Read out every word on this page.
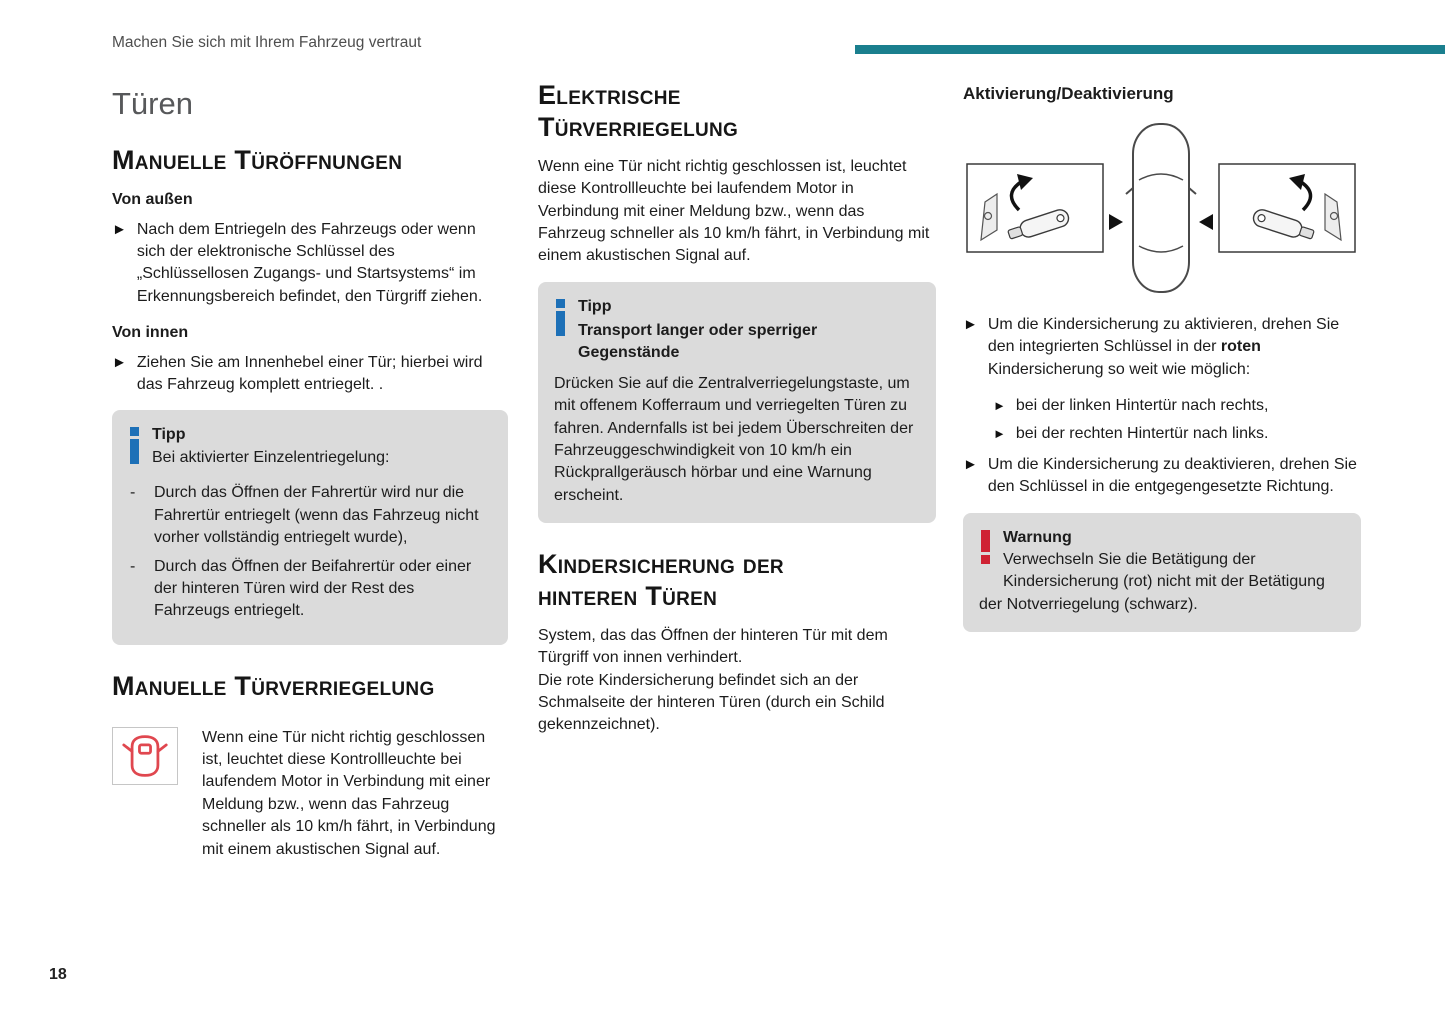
Machen Sie sich mit Ihrem Fahrzeug vertraut
Türen
Manuelle Türöffnungen
Von außen
► Nach dem Entriegeln des Fahrzeugs oder wenn sich der elektronische Schlüssel des „Schlüssellosen Zugangs- und Startsystems“ im Erkennungsbereich befindet, den Türgriff ziehen.

Von innen
► Ziehen Sie am Innenhebel einer Tür; hierbei wird das Fahrzeug komplett entriegelt. .

Tipp
Bei aktivierter Einzelentriegelung:
-	Durch das Öffnen der Fahrertür wird nur die Fahrertür entriegelt (wenn das Fahrzeug nicht vorher vollständig entriegelt wurde),
-	Durch das Öffnen der Beifahrertür oder einer der hinteren Türen wird der Rest des Fahrzeugs entriegelt.
Manuelle Türverriegelung

Wenn eine Tür nicht richtig geschlossen ist, leuchtet diese Kontrollleuchte bei laufendem Motor in Verbindung mit einer Meldung bzw., wenn das Fahrzeug schneller als 10 km/h fährt, in Verbindung mit einem akustischen Signal auf.

Elektrische Türverriegelung

Wenn eine Tür nicht richtig geschlossen ist, leuchtet diese Kontrollleuchte bei laufendem Motor in Verbindung mit einer Meldung bzw., wenn das Fahrzeug schneller als 10 km/h fährt, in Verbindung mit einem akustischen Signal auf.

Tipp
Transport langer oder sperriger Gegenstände
Drücken Sie auf die Zentralverriegelungstaste, um mit offenem Kofferraum und verriegelten Türen zu fahren. Andernfalls ist bei jedem Überschreiten der Fahrzeuggeschwindigkeit von 10 km/h ein Rückprallgeräusch hörbar und eine Warnung erscheint.
Kindersicherung der hinteren Türen

System, das das Öffnen der hinteren Tür mit dem Türgriff von innen verhindert.

Die rote Kindersicherung befindet sich an der Schmalseite der hinteren Türen (durch ein Schild gekennzeichnet).

Aktivierung/Deaktivierung
► Um die Kindersicherung zu aktivieren, drehen Sie den integrierten Schlüssel in der roten Kindersicherung so weit wie möglich:

► bei der linken Hintertür nach rechts,

► bei der rechten Hintertür nach links.

► Um die Kindersicherung zu deaktivieren, drehen Sie den Schlüssel in die entgegengesetzte Richtung.

Warnung
Verwechseln Sie die Betätigung der Kindersicherung (rot) nicht mit der Betätigung der Notverriegelung (schwarz).
18
